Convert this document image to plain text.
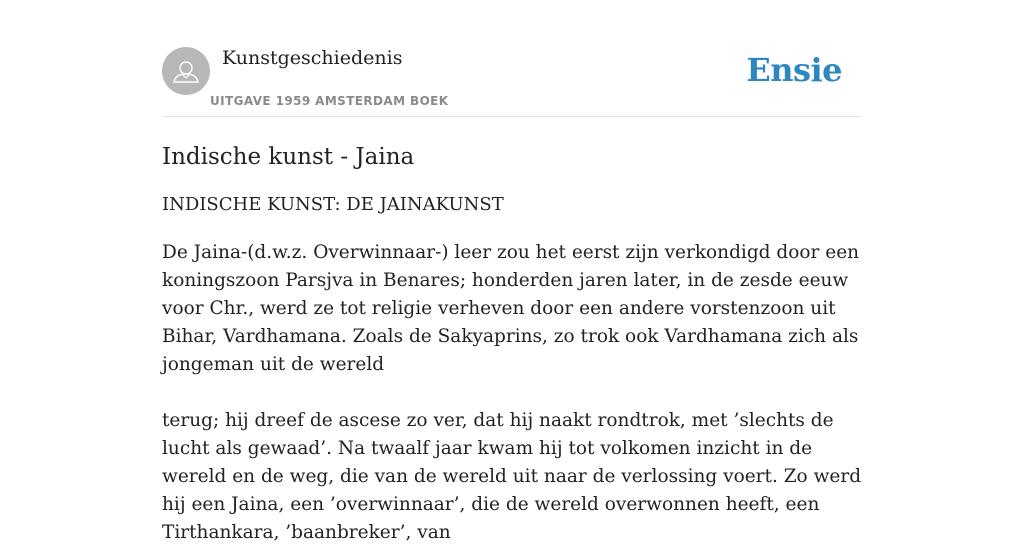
Kunstgeschiedenis
UITGAVE 1959 AMSTERDAM BOEK
Ensie
Indische kunst - Jaina
INDISCHE KUNST: DE JAINAKUNST
De Jaina-(d.w.z. Overwinnaar-) leer zou het eerst zijn verkondigd door een koningszoon Parsjva in Benares; honderden jaren later, in de zesde eeuw voor Chr., werd ze tot religie verheven door een andere vorstenzoon uit Bihar, Vardhamana. Zoals de Sakyaprins, zo trok ook Vardhamana zich als jongeman uit de wereld
terug; hij dreef de ascese zo ver, dat hij naakt rondtrok, met ’slechts de lucht als gewaad’. Na twaalf jaar kwam hij tot volkomen inzicht in de wereld en de weg, die van de wereld uit naar de verlossing voert. Zo werd hij een Jaina, een ’overwinnaar’, die de wereld overwonnen heeft, een Tirthankara, ’baanbreker’, van
